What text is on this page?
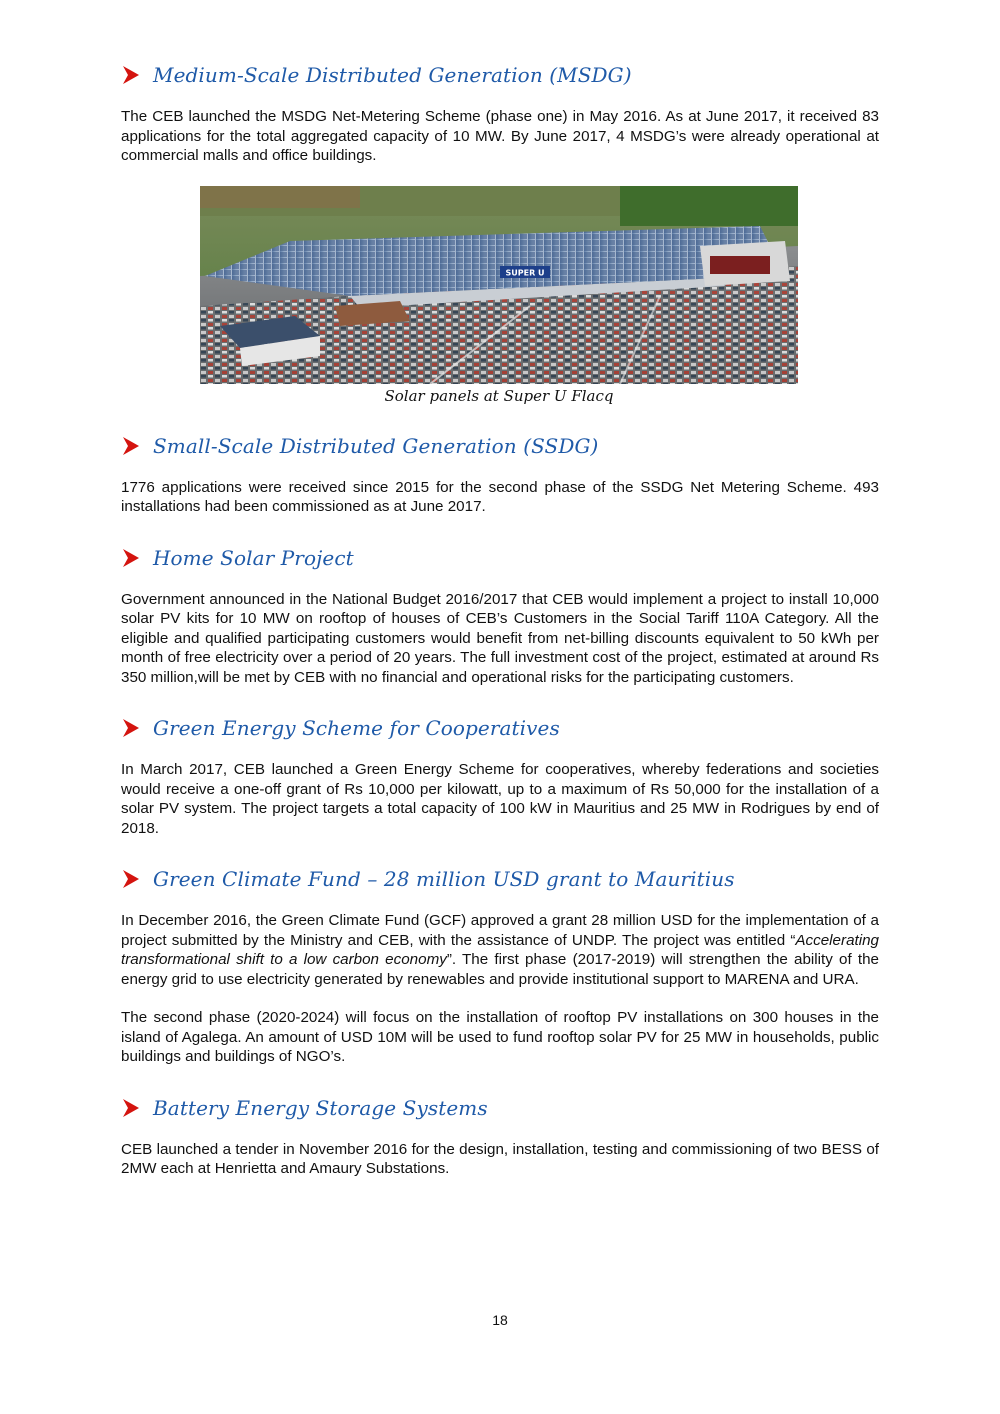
Medium-Scale Distributed Generation (MSDG)

The CEB launched the MSDG Net-Metering Scheme (phase one) in May 2016. As at June 2017, it received 83 applications for the total aggregated capacity of 10 MW. By June 2017, 4 MSDG’s were already operational at commercial malls and office buildings.

SUPER U
Solar panels at Super U Flacq
Small-Scale Distributed Generation (SSDG)

1776 applications were received since 2015 for the second phase of the SSDG Net Metering Scheme. 493 installations had been commissioned as at June 2017.

Home Solar Project

Government announced in the National Budget 2016/2017 that CEB would implement a project to install 10,000 solar PV kits for 10 MW on rooftop of houses of CEB’s Customers in the Social Tariff 110A Category. All the eligible and qualified participating customers would benefit from net-billing discounts equivalent to 50 kWh per month of free electricity over a period of 20 years. The full investment cost of the project, estimated at around Rs 350 million,will be met by CEB with no financial and operational risks for the participating customers.

Green Energy Scheme for Cooperatives

In March 2017, CEB launched a Green Energy Scheme for cooperatives, whereby federations and societies would receive a one-off grant of Rs 10,000 per kilowatt, up to a maximum of Rs 50,000 for the installation of a solar PV system. The project targets a total capacity of 100 kW in Mauritius and 25 MW in Rodrigues by end of 2018.

Green Climate Fund – 28 million USD grant to Mauritius

In December 2016, the Green Climate Fund (GCF) approved a grant 28 million USD for the implementation of a project submitted by the Ministry and CEB, with the assistance of UNDP. The project was entitled “Accelerating transformational shift to a low carbon economy”. The first phase (2017-2019) will strengthen the ability of the energy grid to use electricity generated by renewables and provide institutional support to MARENA and URA.

The second phase (2020-2024) will focus on the installation of rooftop PV installations on 300 houses in the island of Agalega. An amount of USD 10M will be used to fund rooftop solar PV for 25 MW in households, public buildings and buildings of NGO’s.

Battery Energy Storage Systems

CEB launched a tender in November 2016 for the design, installation, testing and commissioning of two BESS of 2MW each at Henrietta and Amaury Substations.

18
